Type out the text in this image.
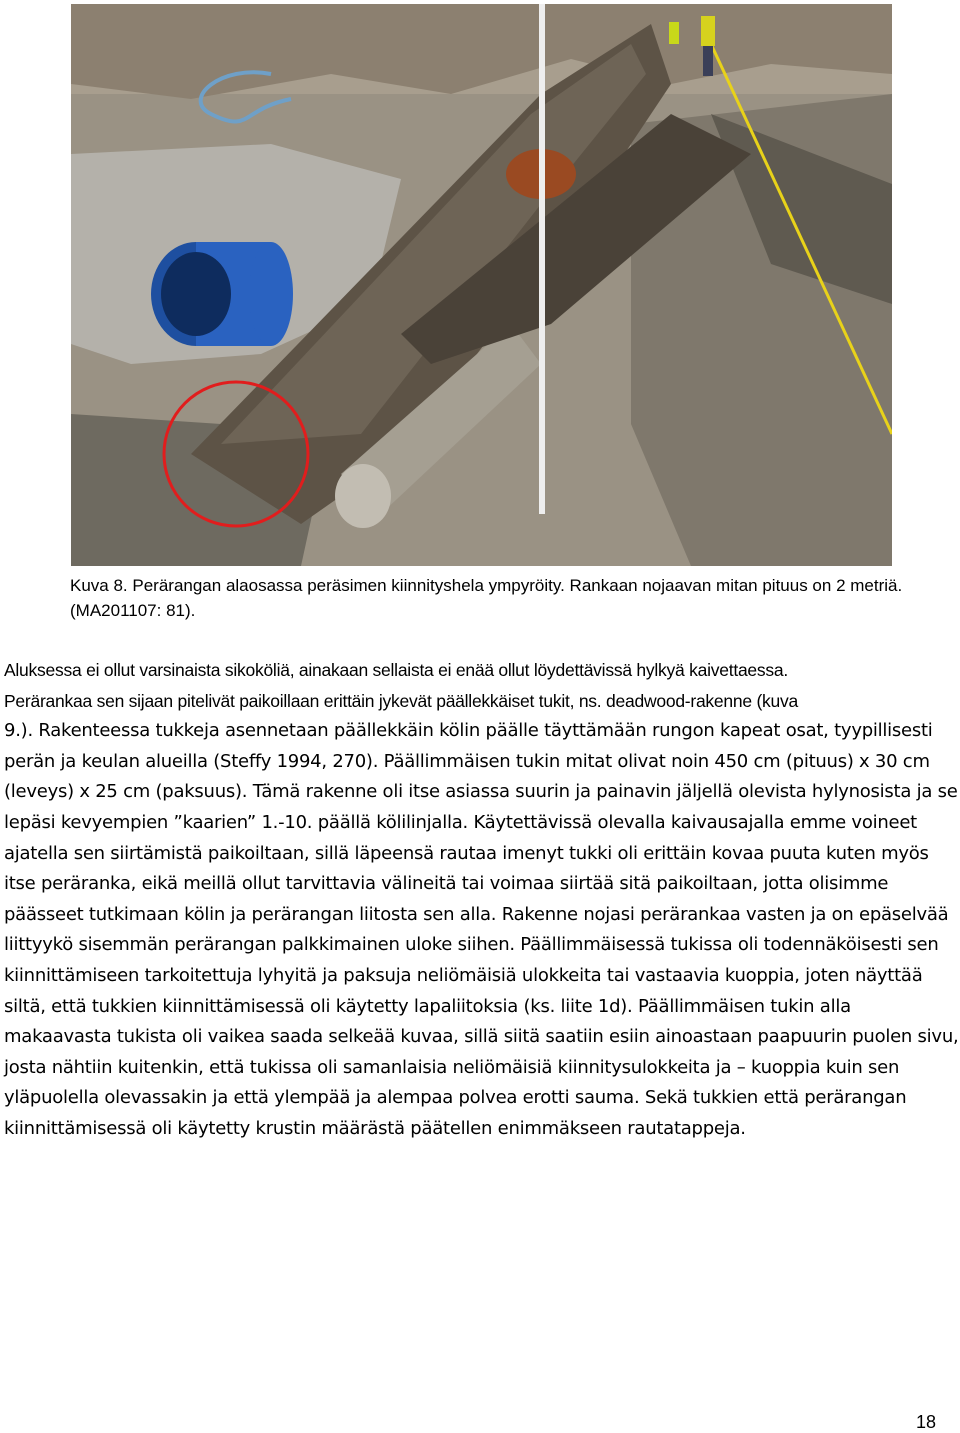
Kuva 8. Perärangan alaosassa peräsimen kiinnityshela ympyröity. Rankaan nojaavan mitan pituus on 2 metriä.
(MA201107: 81).
Aluksessa ei ollut varsinaista sikoköliä, ainakaan sellaista ei enää ollut löydettävissä hylkyä kaivettaessa.
Perärankaa sen sijaan pitelivät paikoillaan erittäin jykevät päällekkäiset tukit, ns. deadwood-rakenne (kuva
9.). Rakenteessa tukkeja asennetaan päällekkäin kölin päälle täyttämään rungon kapeat osat, tyypillisesti
perän ja keulan alueilla (Steffy 1994, 270). Päällimmäisen tukin mitat olivat noin 450 cm (pituus) x 30 cm
(leveys) x 25 cm (paksuus). Tämä rakenne oli itse asiassa suurin ja painavin jäljellä olevista hylynosista ja se
lepäsi kevyempien ”kaarien” 1.-10. päällä kölilinjalla. Käytettävissä olevalla kaivausajalla emme voineet
ajatella sen siirtämistä paikoiltaan, sillä läpeensä rautaa imenyt tukki oli erittäin kovaa puuta kuten myös
itse peräranka, eikä meillä ollut tarvittavia välineitä tai voimaa siirtää sitä paikoiltaan, jotta olisimme
päässeet tutkimaan kölin ja perärangan liitosta sen alla. Rakenne nojasi perärankaa vasten ja on epäselvää
liittyykö sisemmän perärangan palkkimainen uloke siihen. Päällimmäisessä tukissa oli todennäköisesti sen
kiinnittämiseen tarkoitettuja lyhyitä ja paksuja neliömäisiä ulokkeita tai vastaavia kuoppia, joten näyttää
siltä, että tukkien kiinnittämisessä oli käytetty lapaliitoksia (ks. liite 1d). Päällimmäisen tukin alla
makaavasta tukista oli vaikea saada selkeää kuvaa, sillä siitä saatiin esiin ainoastaan paapuurin puolen sivu,
josta nähtiin kuitenkin, että tukissa oli samanlaisia neliömäisiä kiinnitysulokkeita ja – kuoppia kuin sen
yläpuolella olevassakin ja että ylempää ja alempaa polvea erotti sauma. Sekä tukkien että perärangan
kiinnittämisessä oli käytetty krustin määrästä päätellen enimmäkseen rautatappeja.
18
